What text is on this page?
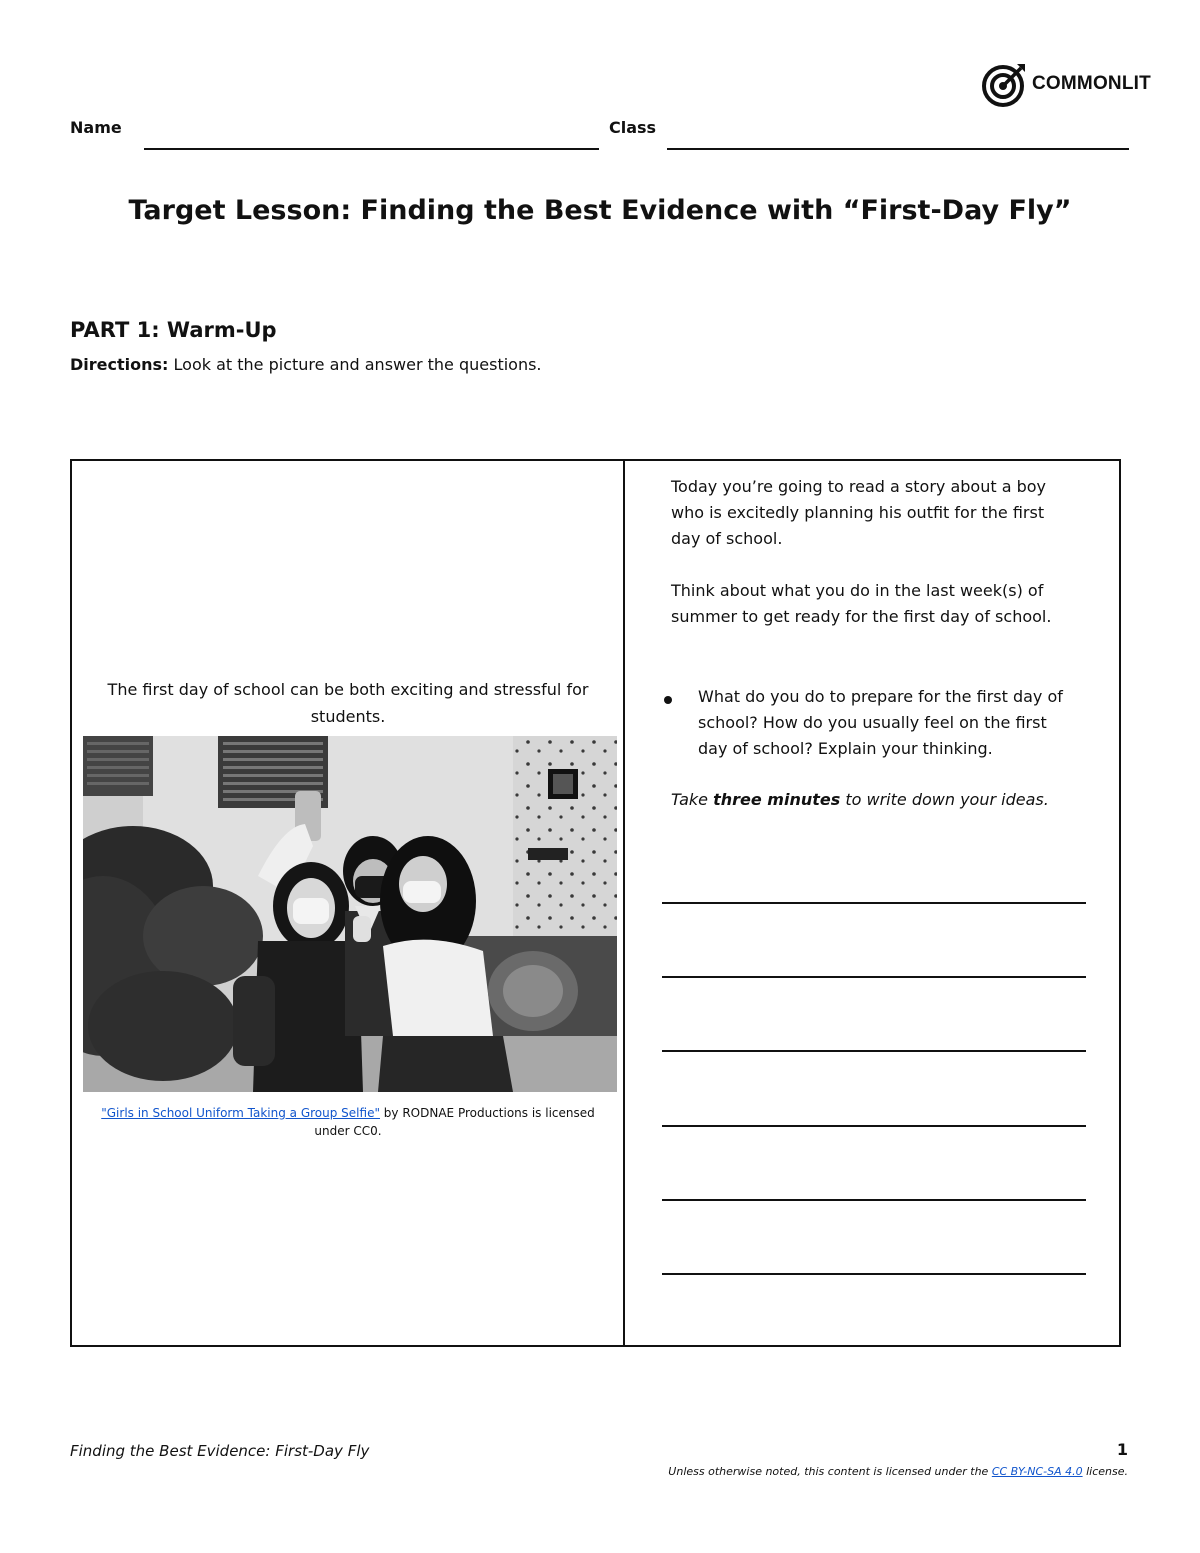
COMMONLIT
Name	Class
Target Lesson: Finding the Best Evidence with “First-Day Fly”
PART 1: Warm-Up
Directions: Look at the picture and answer the questions.
The first day of school can be both exciting and stressful for students.
"Girls in School Uniform Taking a Group Selfie" by RODNAE Productions is licensed under CC0.
Today you’re going to read a story about a boy who is excitedly planning his outfit for the first day of school.
Think about what you do in the last week(s) of summer to get ready for the first day of school.
What do you do to prepare for the first day of school? How do you usually feel on the first day of school? Explain your thinking.
Take three minutes to write down your ideas.
Finding the Best Evidence: First-Day Fly	1
Unless otherwise noted, this content is licensed under the CC BY-NC-SA 4.0 license.
